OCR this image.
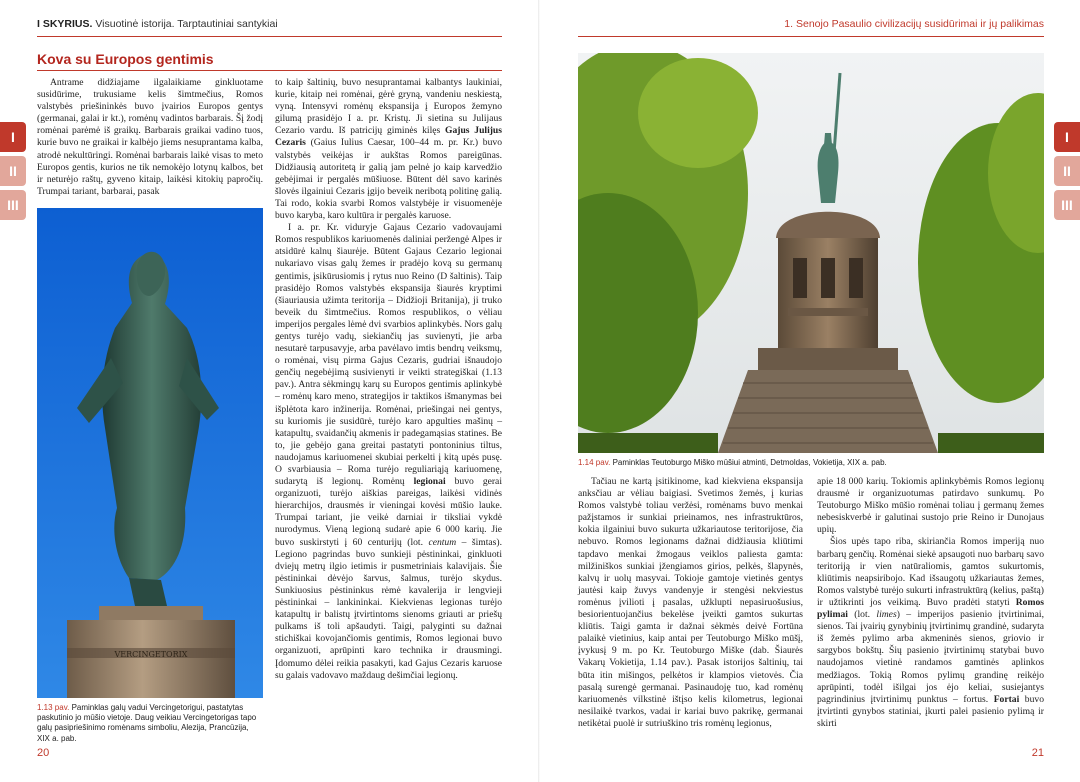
I SKYRIUS. Visuotinė istorija. Tarptautiniai santykiai
Kova su Europos gentimis

Antrame didžiajame ilgalaikiame ginkluotame susidūrime, trukusiame kelis šimtmečius, Romos valstybės priešininkės buvo įvairios Europos gentys (germanai, galai ir kt.), romėnų vadintos barbarais. Šį žodį romėnai parėmė iš graikų. Barbarais graikai vadino tuos, kurie buvo ne graikai ir kalbėjo jiems nesuprantama kalba, atrodė nekultūringi. Romėnai barbarais laikė visas to meto Europos gentis, kurios ne tik nemokėjo lotynų kalbos, bet ir neturėjo raštų, gyveno kitaip, laikėsi kitokių papročių. Trumpai tariant, barbarai, pasak

VERCINGETORIX
1.13 pav. Paminklas galų vadui Vercingetorigui, pastatytas paskutinio jo mūšio vietoje. Daug veikiau Vercingetorigas tapo galų pasipriešinimo romėnams simboliu, Alezija, Prancūzija, XIX a. pab.

to kaip šaltinių, buvo nesuprantamai kalbantys laukiniai, kurie, kitaip nei romėnai, gėrė gryną, vandeniu neskiestą, vyną. Intensyvi romėnų ekspansija į Europos žemyno gilumą prasidėjo I a. pr. Kristų. Ji sietina su Julijaus Cezario vardu. Iš patricijų giminės kilęs Gajus Julijus Cezaris (Gaius Iulius Caesar, 100–44 m. pr. Kr.) buvo valstybės veikėjas ir aukštas Romos pareigūnas. Didžiausią autoritetą ir galią jam pelnė jo kaip karvedžio gebėjimai ir pergalės mūšiuose. Būtent dėl savo karinės šlovės ilgainiui Cezaris įgijo beveik neribotą politinę galią. Tai rodo, kokia svarbi Romos valstybėje ir visuomenėje buvo karyba, karo kultūra ir pergalės karuose.

I a. pr. Kr. viduryje Gajaus Cezario vadovaujami Romos respublikos kariuomenės daliniai peržengė Alpes ir atsidūrė kalnų šiaurėje. Būtent Gajaus Cezario legionai nukariavo visas galų žemes ir pradėjo kovą su germanų gentimis, įsikūrusiomis į rytus nuo Reino (D šaltinis). Taip prasidėjo Romos valstybės ekspansija šiaurės kryptimi (šiauriausia užimta teritorija – Didžioji Britanija), ji truko beveik du šimtmečius. Romos respublikos, o vėliau imperijos pergales lėmė dvi svarbios aplinkybės. Nors galų gentys turėjo vadų, siekiančių jas suvienyti, jie arba nesutarė tarpusavyje, arba pavėlavo imtis bendrų veiksmų, o romėnai, visų pirma Gajus Cezaris, gudriai išnaudojo genčių negebėjimą susivienyti ir veikti strategiškai (1.13 pav.). Antra sėkmingų karų su Europos gentimis aplinkybė – romėnų karo meno, strategijos ir taktikos išmanymas bei išplėtota karo inžinerija. Romėnai, priešingai nei gentys, su kuriomis jie susidūrė, turėjo karo apgulties mašinų – katapultų, svaidančių akmenis ir padegamąsias statines. Be to, jie gebėjo gana greitai pastatyti pontoninius tiltus, naudojamus kariuomenei skubiai perkelti į kitą upės pusę. O svarbiausia – Roma turėjo reguliariąją kariuomenę, sudarytą iš legionų. Romėnų legionai buvo gerai organizuoti, turėjo aiškias pareigas, laikėsi vidinės hierarchijos, drausmės ir vieningai kovėsi mūšio lauke. Trumpai tariant, jie veikė darniai ir tiksliai vykdė nurodymus. Vieną legioną sudarė apie 6 000 karių. Jie buvo suskirstyti į 60 centurijų (lot. centum – šimtas). Legiono pagrindas buvo sunkieji pėstininkai, ginkluoti dviejų metrų ilgio ietimis ir pusmetriniais kalavijais. Šie pėstininkai dėvėjo šarvus, šalmus, turėjo skydus. Sunkiuosius pėstininkus rėmė kavalerija ir lengvieji pėstininkai – lankininkai. Kiekvienas legionas turėjo katapultų ir balistų įtvirtintoms sienoms griauti ar priešų pulkams iš toli apšaudyti. Taigi, palyginti su dažnai stichiškai kovojančiomis gentimis, Romos legionai buvo organizuoti, aprūpinti karo technika ir drausmingi. Įdomumo dėlei reikia pasakyti, kad Gajus Cezaris karuose su galais vadovavo maždaug dešimčiai legionų.

20
I
II
III
1. Senojo Pasaulio civilizacijų susidūrimai ir jų palikimas
1.14 pav. Paminklas Teutoburgo Miško mūšiui atminti, Detmoldas, Vokietija, XIX a. pab.

Tačiau ne kartą įsitikinome, kad kiekviena ekspansija anksčiau ar vėliau baigiasi. Svetimos žemės, į kurias Romos valstybė toliau veržėsi, romėnams buvo menkai pažįstamos ir sunkiai prieinamos, nes infrastruktūros, kokia ilgainiui buvo sukurta užkariautose teritorijose, čia nebuvo. Romos legionams dažnai didžiausia kliūtimi tapdavo menkai žmogaus veiklos paliesta gamta: milžiniškos sunkiai įžengiamos girios, pelkės, šlapynės, kalvų ir uolų masyvai. Tokioje gamtoje vietinės gentys jautėsi kaip žuvys vandenyje ir stengėsi nekviestus romėnus įvilioti į pasalas, užklupti nepasiruošusius, besiorientuojančius bekelėse įveikti gamtos sukurtas kliūtis. Taigi gamta ir dažnai sėkmės deivė Fortūna palaikė vietinius, kaip antai per Teutoburgo Miško mūšį, įvykusį 9 m. po Kr. Teutoburgo Miške (dab. Šiaurės Vakarų Vokietija, 1.14 pav.). Pasak istorijos šaltinių, tai būta itin mišingos, pelkėtos ir klampios vietovės. Čia pasalą surengė germanai. Pasinaudoję tuo, kad romėnų kariuomenės vilkstinė ištįso kelis kilometrus, legionai nesilaikė tvarkos, vadai ir kariai buvo pakrikę, germanai netikėtai puolė ir sutriuškino tris romėnų legionus,

apie 18 000 karių. Tokiomis aplinkybėmis Romos legionų drausmė ir organizuotumas patirdavo sunkumų. Po Teutoburgo Miško mūšio romėnai toliau į germanų žemes nebesiskverbė ir galutinai sustojo prie Reino ir Dunojaus upių.

Šios upės tapo riba, skiriančia Romos imperiją nuo barbarų genčių. Romėnai siekė apsaugoti nuo barbarų savo teritoriją ir vien natūraliomis, gamtos sukurtomis, kliūtimis neapsiribojo. Kad išsaugotų užkariautas žemes, Romos valstybė turėjo sukurti infrastruktūrą (kelius, paštą) ir užtikrinti jos veikimą. Buvo pradėti statyti Romos pylimai (lot. limes) – imperijos pasienio įtvirtinimai, sienos. Tai įvairių gynybinių įtvirtinimų grandinė, sudaryta iš žemės pylimo arba akmeninės sienos, griovio ir sargybos bokštų. Šių pasienio įtvirtinimų statybai buvo naudojamos vietinė randamos gamtinės aplinkos medžiagos. Tokią Romos pylimų grandinę reikėjo aprūpinti, todėl išilgai jos ėjo keliai, susiejantys pagrindinius įtvirtinimų punktus – fortus. Fortai buvo įtvirtinti gynybos statiniai, įkurti palei pasienio pylimą ir skirti

21
I
II
III
